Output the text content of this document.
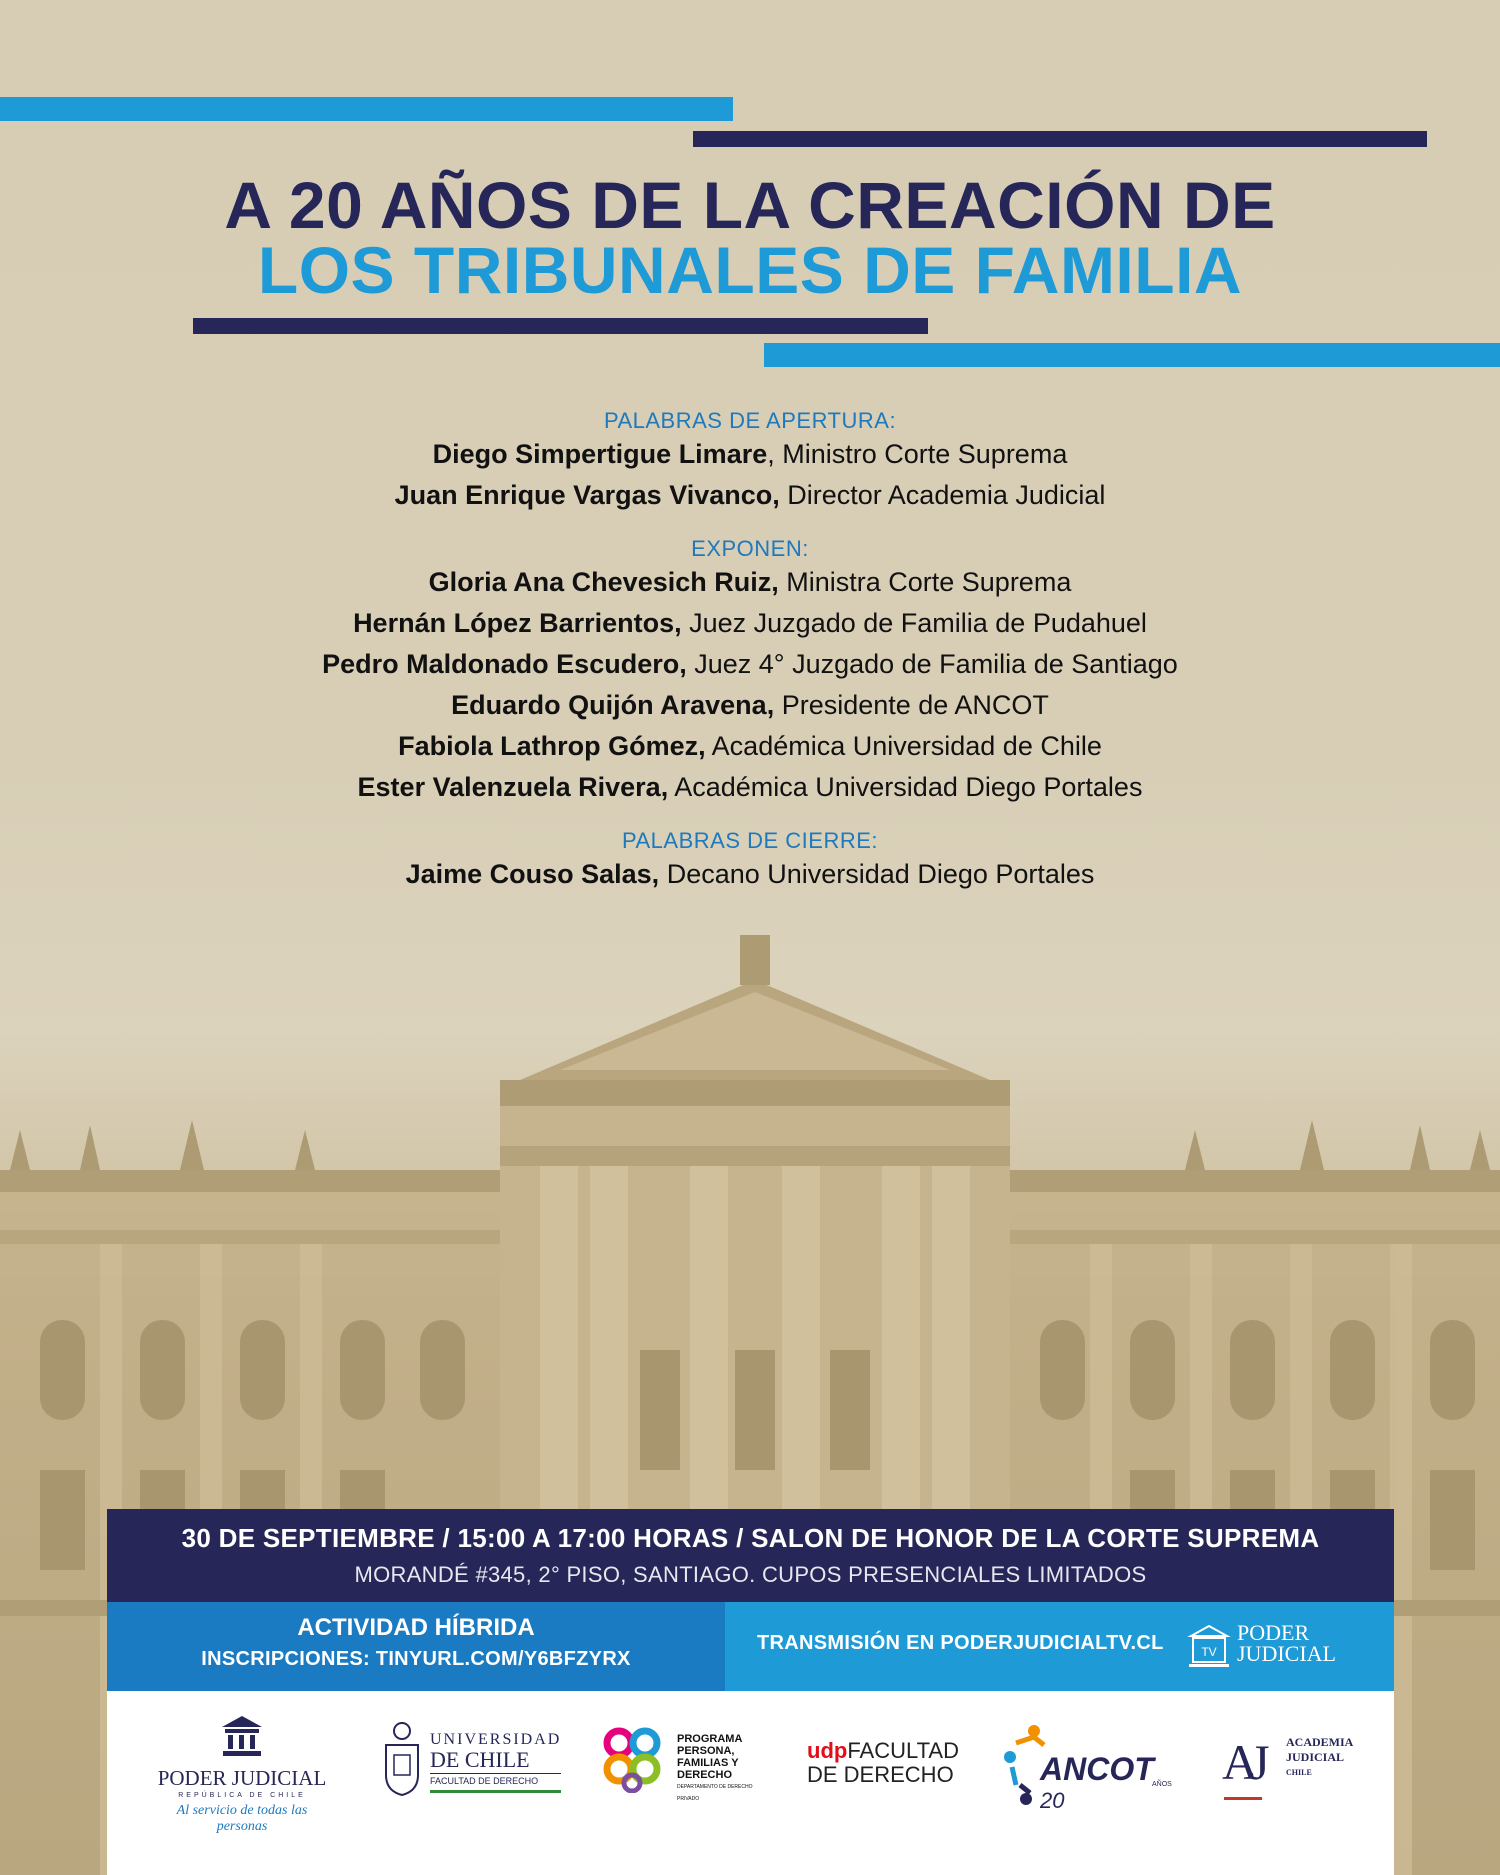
A 20 AÑOS DE LA CREACIÓN DE
LOS TRIBUNALES DE FAMILIA

PALABRAS DE APERTURA:

Diego Simpertigue Limare, Ministro Corte Suprema

Juan Enrique Vargas Vivanco, Director Academia Judicial

EXPONEN:

Gloria Ana Chevesich Ruiz, Ministra Corte Suprema

Hernán López Barrientos, Juez Juzgado de Familia de Pudahuel

Pedro Maldonado Escudero, Juez 4° Juzgado de Familia de Santiago

Eduardo Quijón Aravena, Presidente de ANCOT

Fabiola Lathrop Gómez, Académica Universidad de Chile

Ester Valenzuela Rivera, Académica Universidad Diego Portales

PALABRAS DE CIERRE:

Jaime Couso Salas, Decano Universidad Diego Portales

30 DE SEPTIEMBRE / 15:00 A 17:00 HORAS / SALON DE HONOR DE LA CORTE SUPREMA

MORANDÉ #345, 2° PISO, SANTIAGO. CUPOS PRESENCIALES LIMITADOS

ACTIVIDAD HÍBRIDA

INSCRIPCIONES: TINYURL.COM/Y6BFZYRX

TRANSMISIÓN EN PODERJUDICIALTV.CL	TV
PODER
JUDICIAL
PODER JUDICIAL
REPÚBLICA DE CHILE
Al servicio de todas las personas
UNIVERSIDAD
DE CHILE
FACULTAD DE DERECHO
PROGRAMA
PERSONA,
FAMILIAS Y
DERECHO
DEPARTAMENTO DE DERECHO PRIVADO
udpFACULTAD
DE DERECHO	ANCOT 20
AÑOS AJ ACADEMIA
JUDICIAL
CHILE
